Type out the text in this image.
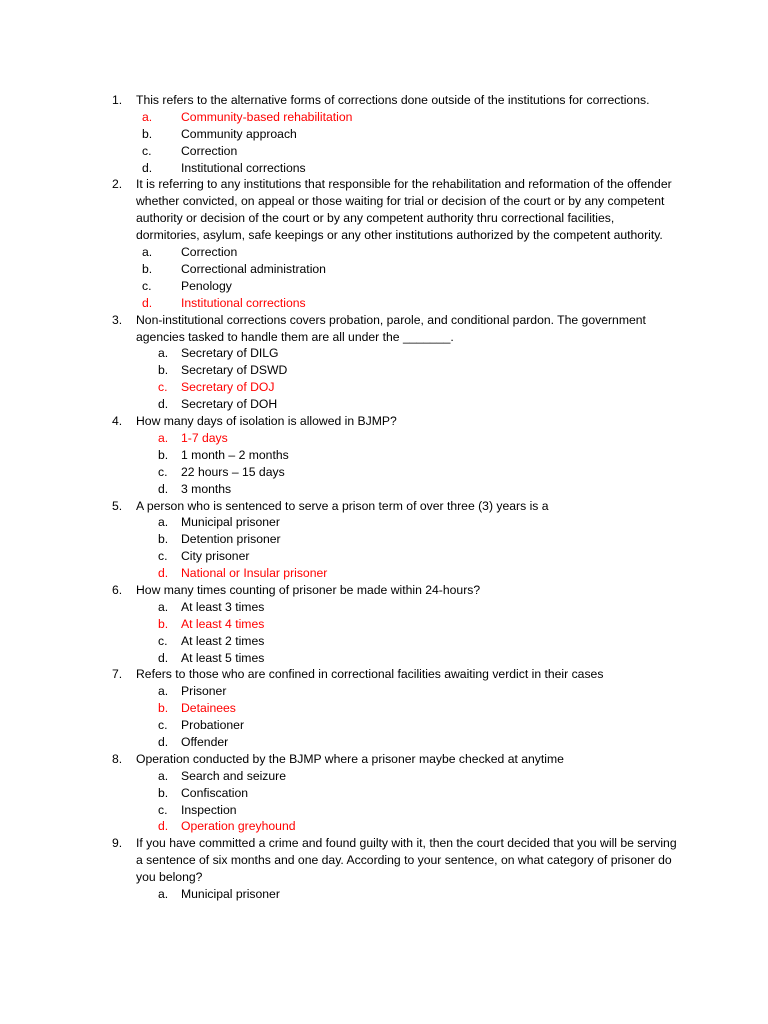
1. This refers to the alternative forms of corrections done outside of the institutions for corrections.
a. Community-based rehabilitation
b. Community approach
c. Correction
d. Institutional corrections
2. It is referring to any institutions that responsible for the rehabilitation and reformation of the offender whether convicted, on appeal or those waiting for trial or decision of the court or by any competent authority or decision of the court or by any competent authority thru correctional facilities, dormitories, asylum, safe keepings or any other institutions authorized by the competent authority.
a. Correction
b. Correctional administration
c. Penology
d. Institutional corrections
3. Non-institutional corrections covers probation, parole, and conditional pardon. The government agencies tasked to handle them are all under the _______.
a. Secretary of DILG
b. Secretary of DSWD
c. Secretary of DOJ
d. Secretary of DOH
4. How many days of isolation is allowed in BJMP?
a. 1-7 days
b. 1 month – 2 months
c. 22 hours – 15 days
d. 3 months
5. A person who is sentenced to serve a prison term of over three (3) years is a
a. Municipal prisoner
b. Detention prisoner
c. City prisoner
d. National or Insular prisoner
6. How many times counting of prisoner be made within 24-hours?
a. At least 3 times
b. At least 4 times
c. At least 2 times
d. At least 5 times
7. Refers to those who are confined in correctional facilities awaiting verdict in their cases
a. Prisoner
b. Detainees
c. Probationer
d. Offender
8. Operation conducted by the BJMP where a prisoner maybe checked at anytime
a. Search and seizure
b. Confiscation
c. Inspection
d. Operation greyhound
9. If you have committed a crime and found guilty with it, then the court decided that you will be serving a sentence of six months and one day. According to your sentence, on what category of prisoner do you belong?
a. Municipal prisoner
